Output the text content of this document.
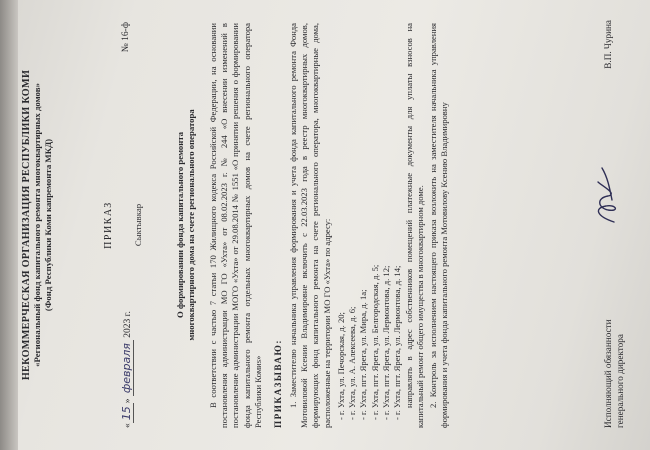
НЕКОММЕРЧЕСКАЯ ОРГАНИЗАЦИЯ РЕСПУБЛИКИ КОМИ «Региональный фонд капитального ремонта многоквартирных домов» (Фонд Республики Коми капремонта МКД)	ПРИКАЗ
«15» февраля 2023 г.
№ 16-ф
Сыктывкар	О формировании фонда капитального ремонта многоквартирного дома на счете регионального оператора В соответствии с частью 7 статьи 170 Жилищного кодекса Российской Федерации, на основании постановления администрации МО ГО «Ухта» от 08.02.2023 г. № 244 «О внесении изменений в постановление администрации МОГО «Ухта» от 29.08.2014 № 1551 «О принятии решения о формировании фонда капитального ремонта отдельных многоквартирных домов на счете регионального оператора Республики Комиs» ПРИКАЗЫВАЮ: 1. Заместителю начальника управления формирования и учета фонда капитального ремонта Фонда Мотовиловой Ксении Владимировне включить с 22.03.2023 года в реестр многоквартирных домов, формирующих фонд капитального ремонта на счете регионального оператора, многоквартирные дома, расположенные на территории МО ГО «Ухта» по адресу: - г. Ухта, ул. Печорская, д. 20; - г. Ухта, ул. А. Алексеева, д. 6; - г. Ухта, пгт. Ярега, ул. Мира, д. 1а; - г. Ухта, пгт. Ярега, ул. Белгородская, д. 5; - г. Ухта, пгт. Ярега, ул. Лермонтова, д. 12; - г. Ухта, пгт. Ярега, ул. Лермонтова, д. 14; направлять в адрес собственников помещений платежные документы для уплаты взносов на капитальный ремонт общего имущества в многоквартирном доме. 2. Контроль за исполнением настоящего приказа возложить на заместителя начальника управления формирования и учета фонда капитального ремонта Мотовилову Ксению Владимировну	Исполняющий обязанности генерального директора
В.П. Чурина
